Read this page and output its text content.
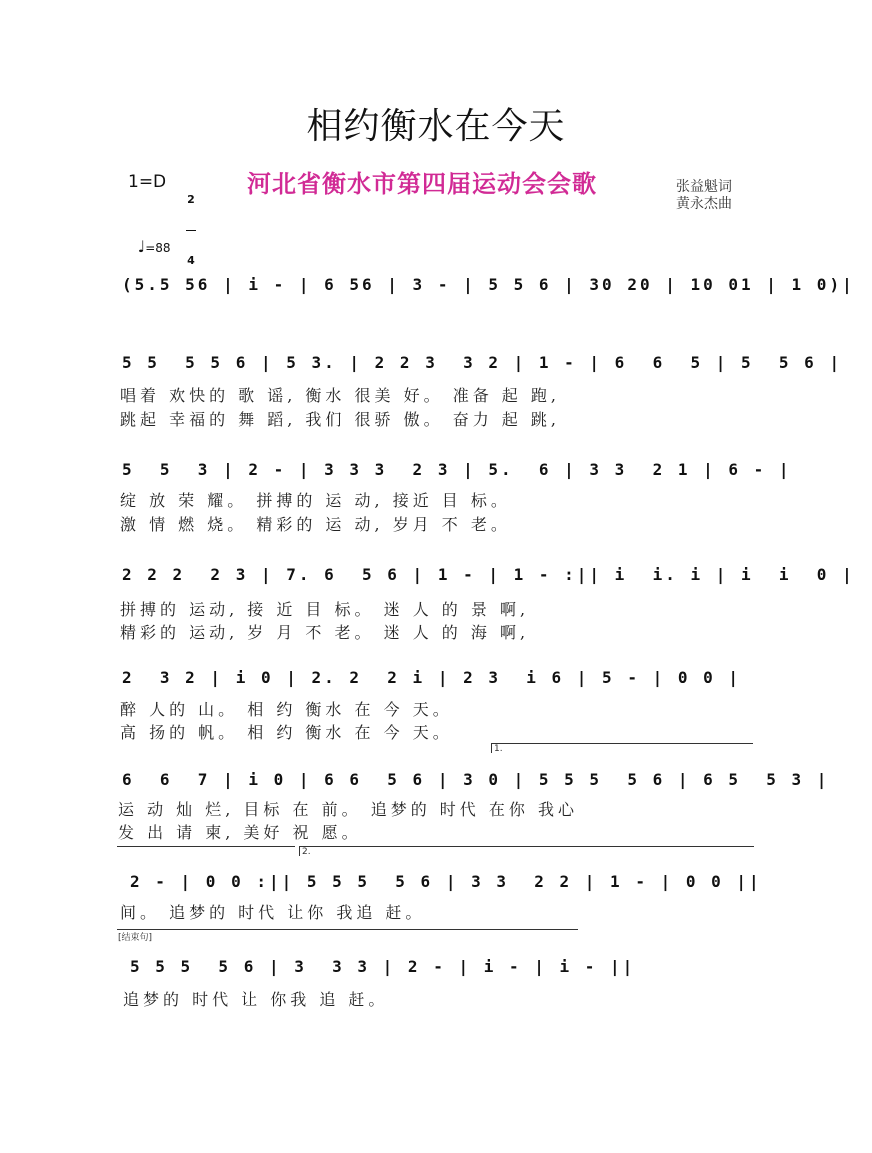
相约衡水在今天
河北省衡水市第四届运动会会歌
1=D

2

4

张益魁词
黄永杰曲

♩=88

(5.5 56 | i - | 6 56 | 3 - | 5 5 6 | 30 20 | 10 01 | 1 0)|
5 5  5 5 6 | 5 3. | 2 2 3  3 2 | 1 - | 6  6  5 | 5  5 6 |
唱着 欢快的 歌 谣, 衡水 很美 好。 准备 起 跑,
跳起 幸福的 舞 蹈, 我们 很骄 傲。 奋力 起 跳,
5  5  3 | 2 - | 3 3 3  2 3 | 5.  6 | 3 3  2 1 | 6 - |
绽 放 荣 耀。 拼搏的 运 动, 接近 目 标。
激 情 燃 烧。 精彩的 运 动, 岁月 不 老。
2 2 2  2 3 | 7. 6  5 6 | 1 - | 1 - :|| i  i. i | i  i  0 |
拼搏的 运动, 接 近 目 标。 迷 人 的 景 啊,
精彩的 运动, 岁 月 不 老。 迷 人 的 海 啊,
2  3 2 | i 0 | 2. 2  2 i | 2 3  i 6 | 5 - | 0 0 |
醉 人的 山。 相 约 衡水 在 今 天。
高 扬的 帆。 相 约 衡水 在 今 天。
1.
6  6  7 | i 0 | 6 6  5 6 | 3 0 | 5 5 5  5 6 | 6 5  5 3 |
运 动 灿 烂, 目标 在 前。 追梦的 时代 在你 我心
发 出 请 柬, 美好 祝 愿。
2.
2 - | 0 0 :|| 5 5 5  5 6 | 3 3  2 2 | 1 - | 0 0 ||
间。 追梦的 时代 让你 我追 赶。
[结束句]
5 5 5  5 6 | 3  3 3 | 2 - | i - | i - ||
追梦的 时代 让 你我 追 赶。
